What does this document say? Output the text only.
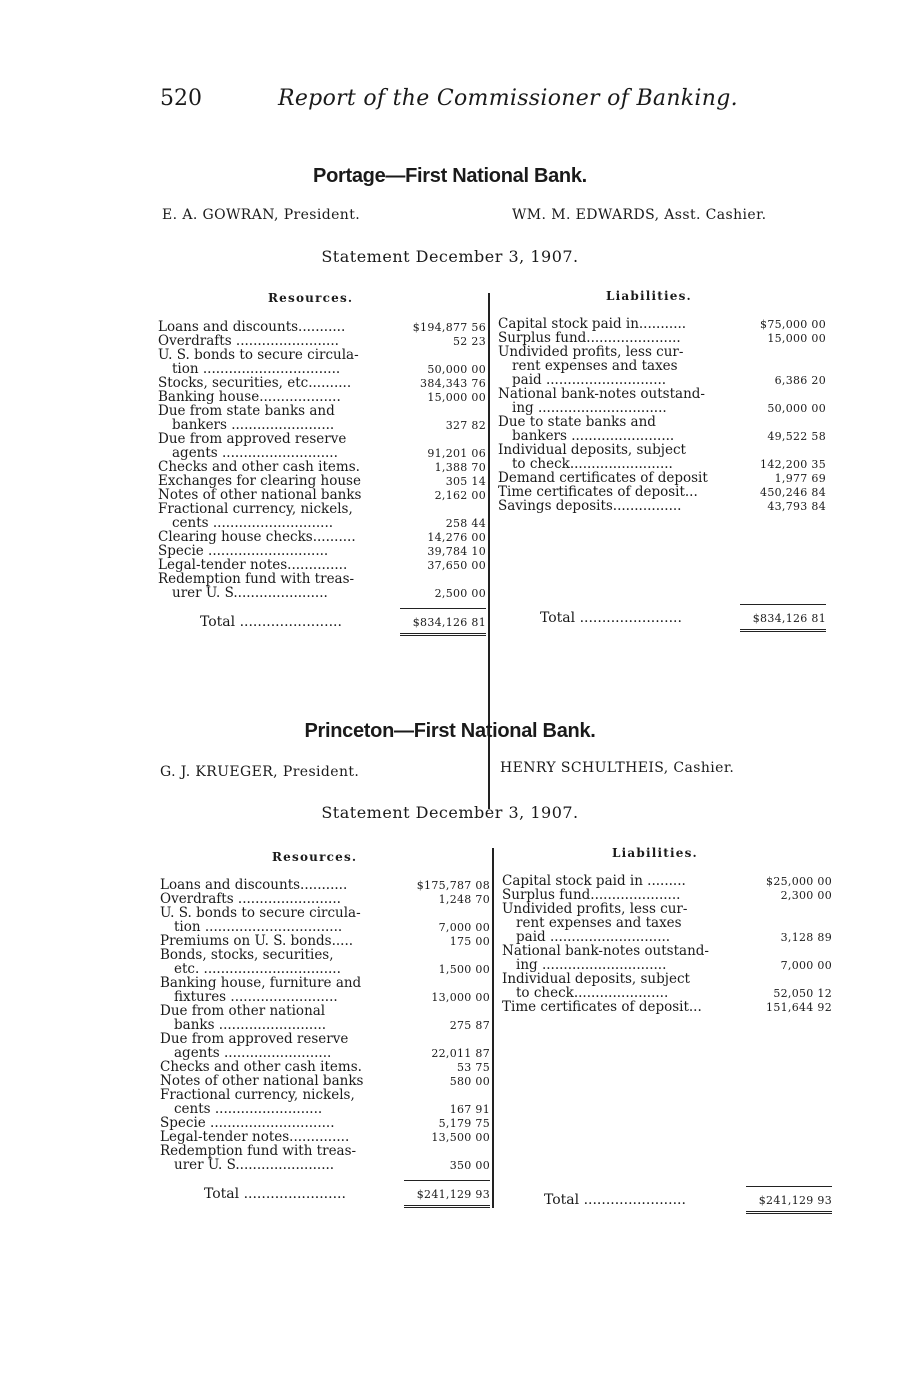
520	Report of the Commissioner of Banking.
Portage—First National Bank.
E. A. GOWRAN, President.	WM. M. EDWARDS, Asst. Cashier.
Statement December 3, 1907.
Resources.	Liabilities.
Loans and discounts...........	$194,877 56
Overdrafts ........................	52 23
U. S. bonds to secure circula-
tion ................................	50,000 00
Stocks, securities, etc..........	384,343 76
Banking house...................	15,000 00
Due from state banks and
bankers ........................	327 82
Due from approved reserve
agents ...........................	91,201 06
Checks and other cash items.	1,388 70
Exchanges for clearing house	305 14
Notes of other national banks	2,162 00
Fractional currency, nickels,
cents ............................	258 44
Clearing house checks..........	14,276 00
Specie ............................	39,784 10
Legal-tender notes..............	37,650 00
Redemption fund with treas-
urer U. S......................	2,500 00
Total .......................	$834,126 81
Capital stock paid in...........	$75,000 00
Surplus fund......................	15,000 00
Undivided profits, less cur-
rent expenses and taxes
paid ............................	6,386 20
National bank-notes outstand-
ing ..............................	50,000 00
Due to state banks and
bankers ........................	49,522 58
Individual deposits, subject
to check........................	142,200 35
Demand certificates of deposit	1,977 69
Time certificates of deposit...	450,246 84
Savings deposits................	43,793 84
Total .......................	$834,126 81
Princeton—First National Bank.
G. J. KRUEGER, President.	HENRY SCHULTHEIS, Cashier.
Statement December 3, 1907.
Resources.	Liabilities.
Loans and discounts...........	$175,787 08
Overdrafts ........................	1,248 70
U. S. bonds to secure circula-
tion ................................	7,000 00
Premiums on U. S. bonds.....	175 00
Bonds, stocks, securities,
etc. ................................	1,500 00
Banking house, furniture and
fixtures .........................	13,000 00
Due from other national
banks .........................	275 87
Due from approved reserve
agents .........................	22,011 87
Checks and other cash items.	53 75
Notes of other national banks	580 00
Fractional currency, nickels,
cents .........................	167 91
Specie .............................	5,179 75
Legal-tender notes..............	13,500 00
Redemption fund with treas-
urer U. S.......................	350 00
Total .......................	$241,129 93
Capital stock paid in .........	$25,000 00
Surplus fund.....................	2,300 00
Undivided profits, less cur-
rent expenses and taxes
paid ............................	3,128 89
National bank-notes outstand-
ing .............................	7,000 00
Individual deposits, subject
to check......................	52,050 12
Time certificates of deposit...	151,644 92
Total .......................	$241,129 93
